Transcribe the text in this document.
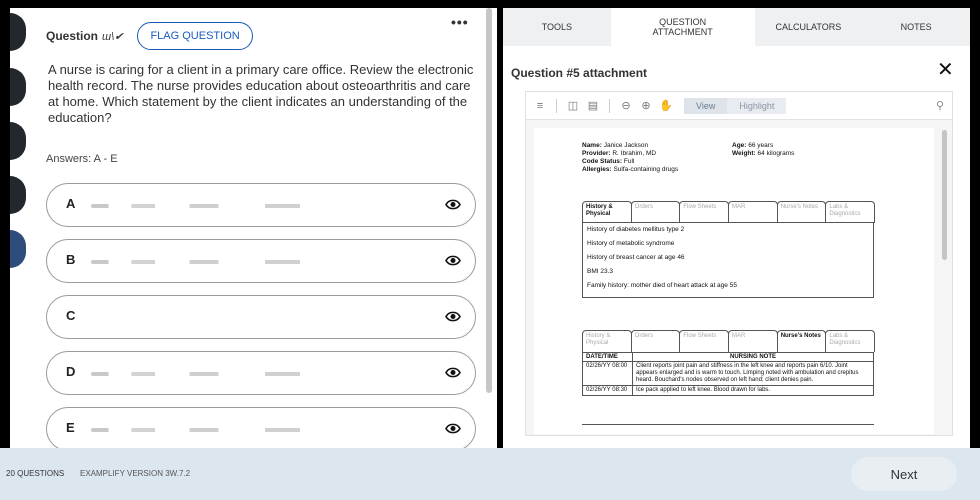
Question ɯ\✔	FLAG QUESTION
•••
A nurse is caring for a client in a primary care office. Review the electronic health record. The nurse provides education about osteoarthritis and care at home. Which statement by the client indicates an understanding of the education?
Answers: A - E
A
B
C
D
E
TOOLS	QUESTION ATTACHMENT	CALCULATORS	NOTES
Question #5 attachment	✕
≡	◫ ▤	⊖ ⊕ ✋	View	Highlight	⚲
Name: Janice Jackson
Provider: R. Ibrahim, MD
Code Status: Full
Allergies: Sulfa-containing drugs
Age: 66 years
Weight: 64 kilograms
History & Physical
Orders	Flow Sheets	MAR	Nurse's Notes	Labs & Diagnostics
History of diabetes mellitus type 2
History of metabolic syndrome
History of breast cancer at age 46
BMI 23.3
Family history: mother died of heart attack at age 55
History & Physical
Orders	Flow Sheets	MAR	Nurse's Notes	Labs & Diagnostics
DATE/TIME	NURSING NOTE
02/26/YY 08:00	Client reports joint pain and stiffness in the left knee and reports pain 6/10. Joint appears enlarged and is warm to touch. Limping noted with ambulation and crepitus heard. Bouchard's nodes observed on left hand; client denies pain.
02/26/YY 08:30	Ice pack applied to left knee. Blood drawn for labs.
20 QUESTIONS EXAMPLIFY VERSION 3W.7.2	Next
